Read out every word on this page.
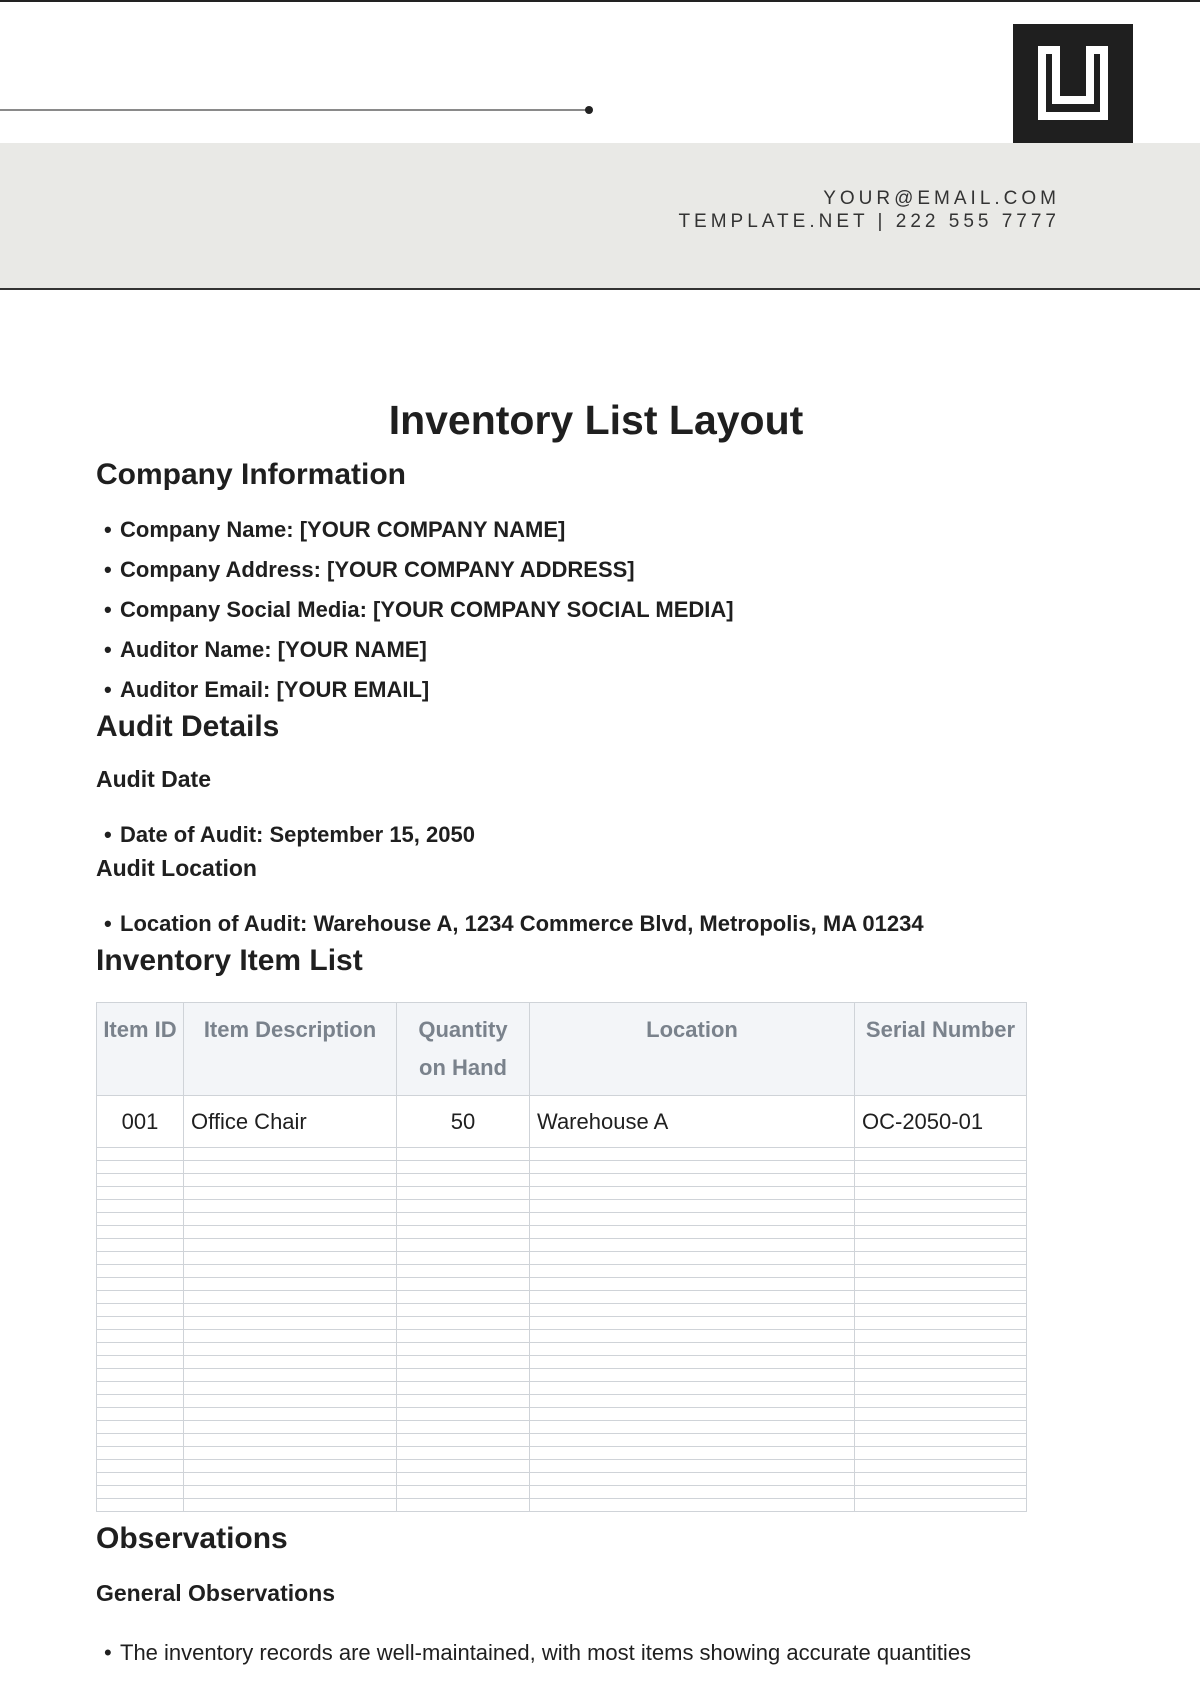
YOUR@EMAIL.COM
TEMPLATE.NET | 222 555 7777
Inventory List Layout
Company Information
• Company Name: [YOUR COMPANY NAME]
• Company Address: [YOUR COMPANY ADDRESS]
• Company Social Media: [YOUR COMPANY SOCIAL MEDIA]
• Auditor Name: [YOUR NAME]
• Auditor Email: [YOUR EMAIL]
Audit Details
Audit Date
• Date of Audit: September 15, 2050
Audit Location
• Location of Audit: Warehouse A, 1234 Commerce Blvd, Metropolis, MA 01234
Inventory Item List
Item ID	Item Description	Quantity on Hand	Location	Serial Number
001	Office Chair	50	Warehouse A	OC-2050-01

Observations
General Observations
• The inventory records are well-maintained, with most items showing accurate quantities
